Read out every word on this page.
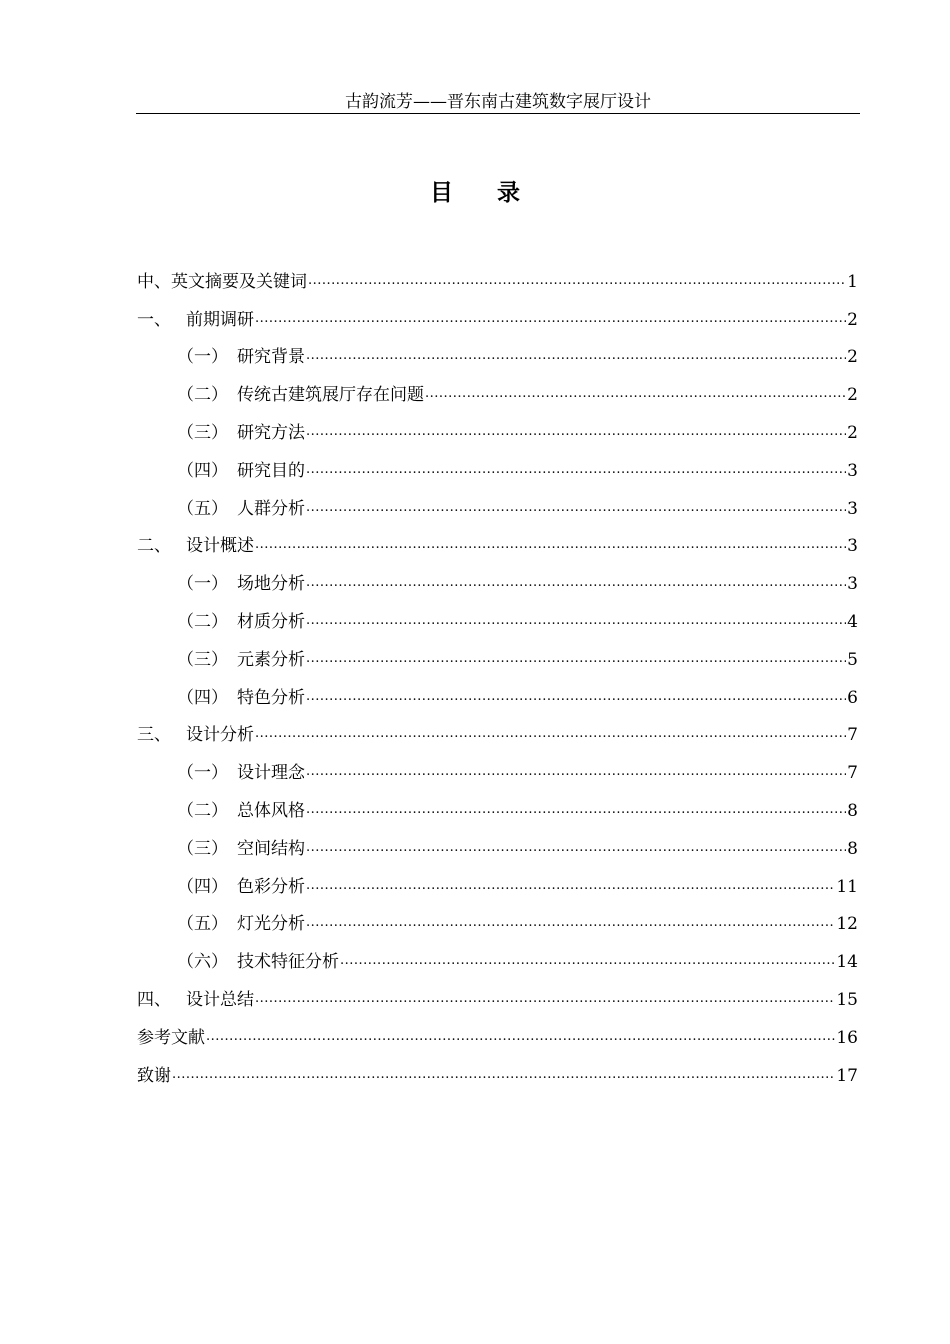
古韵流芳——晋东南古建筑数字展厅设计
目 录
中、英文摘要及关键词 .....	1
一、 前期调研 .....	2
（一） 研究背景 .....	2
（二） 传统古建筑展厅存在问题 .....	2
（三） 研究方法 .....	2
（四） 研究目的 .....	3
（五） 人群分析 .....	3
二、 设计概述 .....	3
（一） 场地分析 .....	3
（二） 材质分析 .....	4
（三） 元素分析 .....	5
（四） 特色分析 .....	6
三、 设计分析 .....	7
（一） 设计理念 .....	7
（二） 总体风格 .....	8
（三） 空间结构 .....	8
（四） 色彩分析 .....	11
（五） 灯光分析 .....	12
（六） 技术特征分析 .....	14
四、 设计总结 .....	15
参考文献 .....	16
致谢 .....	17
